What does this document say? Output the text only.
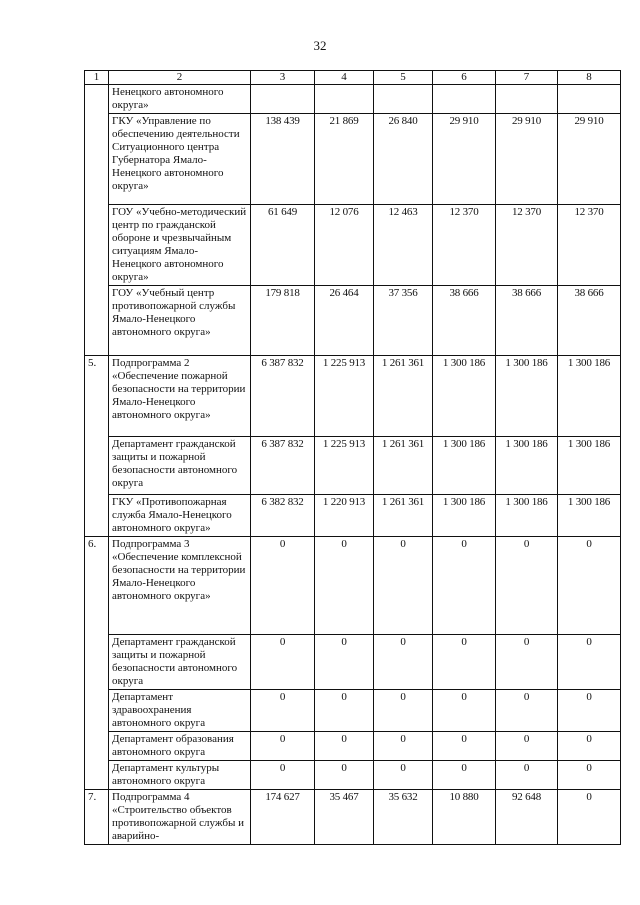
32
1	2	3	4	5	6	7	8
	Ненецкого автономного округа»						
	ГКУ «Управление по обеспечению деятельности Ситуационного центра Губернатора Ямало-Ненецкого автономного округа»	138 439	21 869	26 840	29 910	29 910	29 910
	ГОУ «Учебно-методический центр по гражданской обороне и чрезвычайным ситуациям Ямало-Ненецкого автономного округа»	61 649	12 076	12 463	12 370	12 370	12 370
	ГОУ «Учебный центр противопожарной службы Ямало-Ненецкого автономного округа»	179 818	26 464	37 356	38 666	38 666	38 666
5.	Подпрограмма 2 «Обеспечение пожарной безопасности на территории Ямало-Ненецкого автономного округа»	6 387 832	1 225 913	1 261 361	1 300 186	1 300 186	1 300 186
	Департамент гражданской защиты и пожарной безопасности автономного округа	6 387 832	1 225 913	1 261 361	1 300 186	1 300 186	1 300 186
	ГКУ «Противопожарная служба Ямало-Ненецкого автономного округа»	6 382 832	1 220 913	1 261 361	1 300 186	1 300 186	1 300 186
6.	Подпрограмма 3 «Обеспечение комплексной безопасности на территории Ямало-Ненецкого автономного округа»	0	0	0	0	0	0
	Департамент гражданской защиты и пожарной безопасности автономного округа	0	0	0	0	0	0
	Департамент здравоохранения автономного округа	0	0	0	0	0	0
	Департамент образования автономного округа	0	0	0	0	0	0
	Департамент культуры автономного округа	0	0	0	0	0	0
7.	Подпрограмма 4 «Строительство объектов противопожарной службы и аварийно-	174 627	35 467	35 632	10 880	92 648	0
